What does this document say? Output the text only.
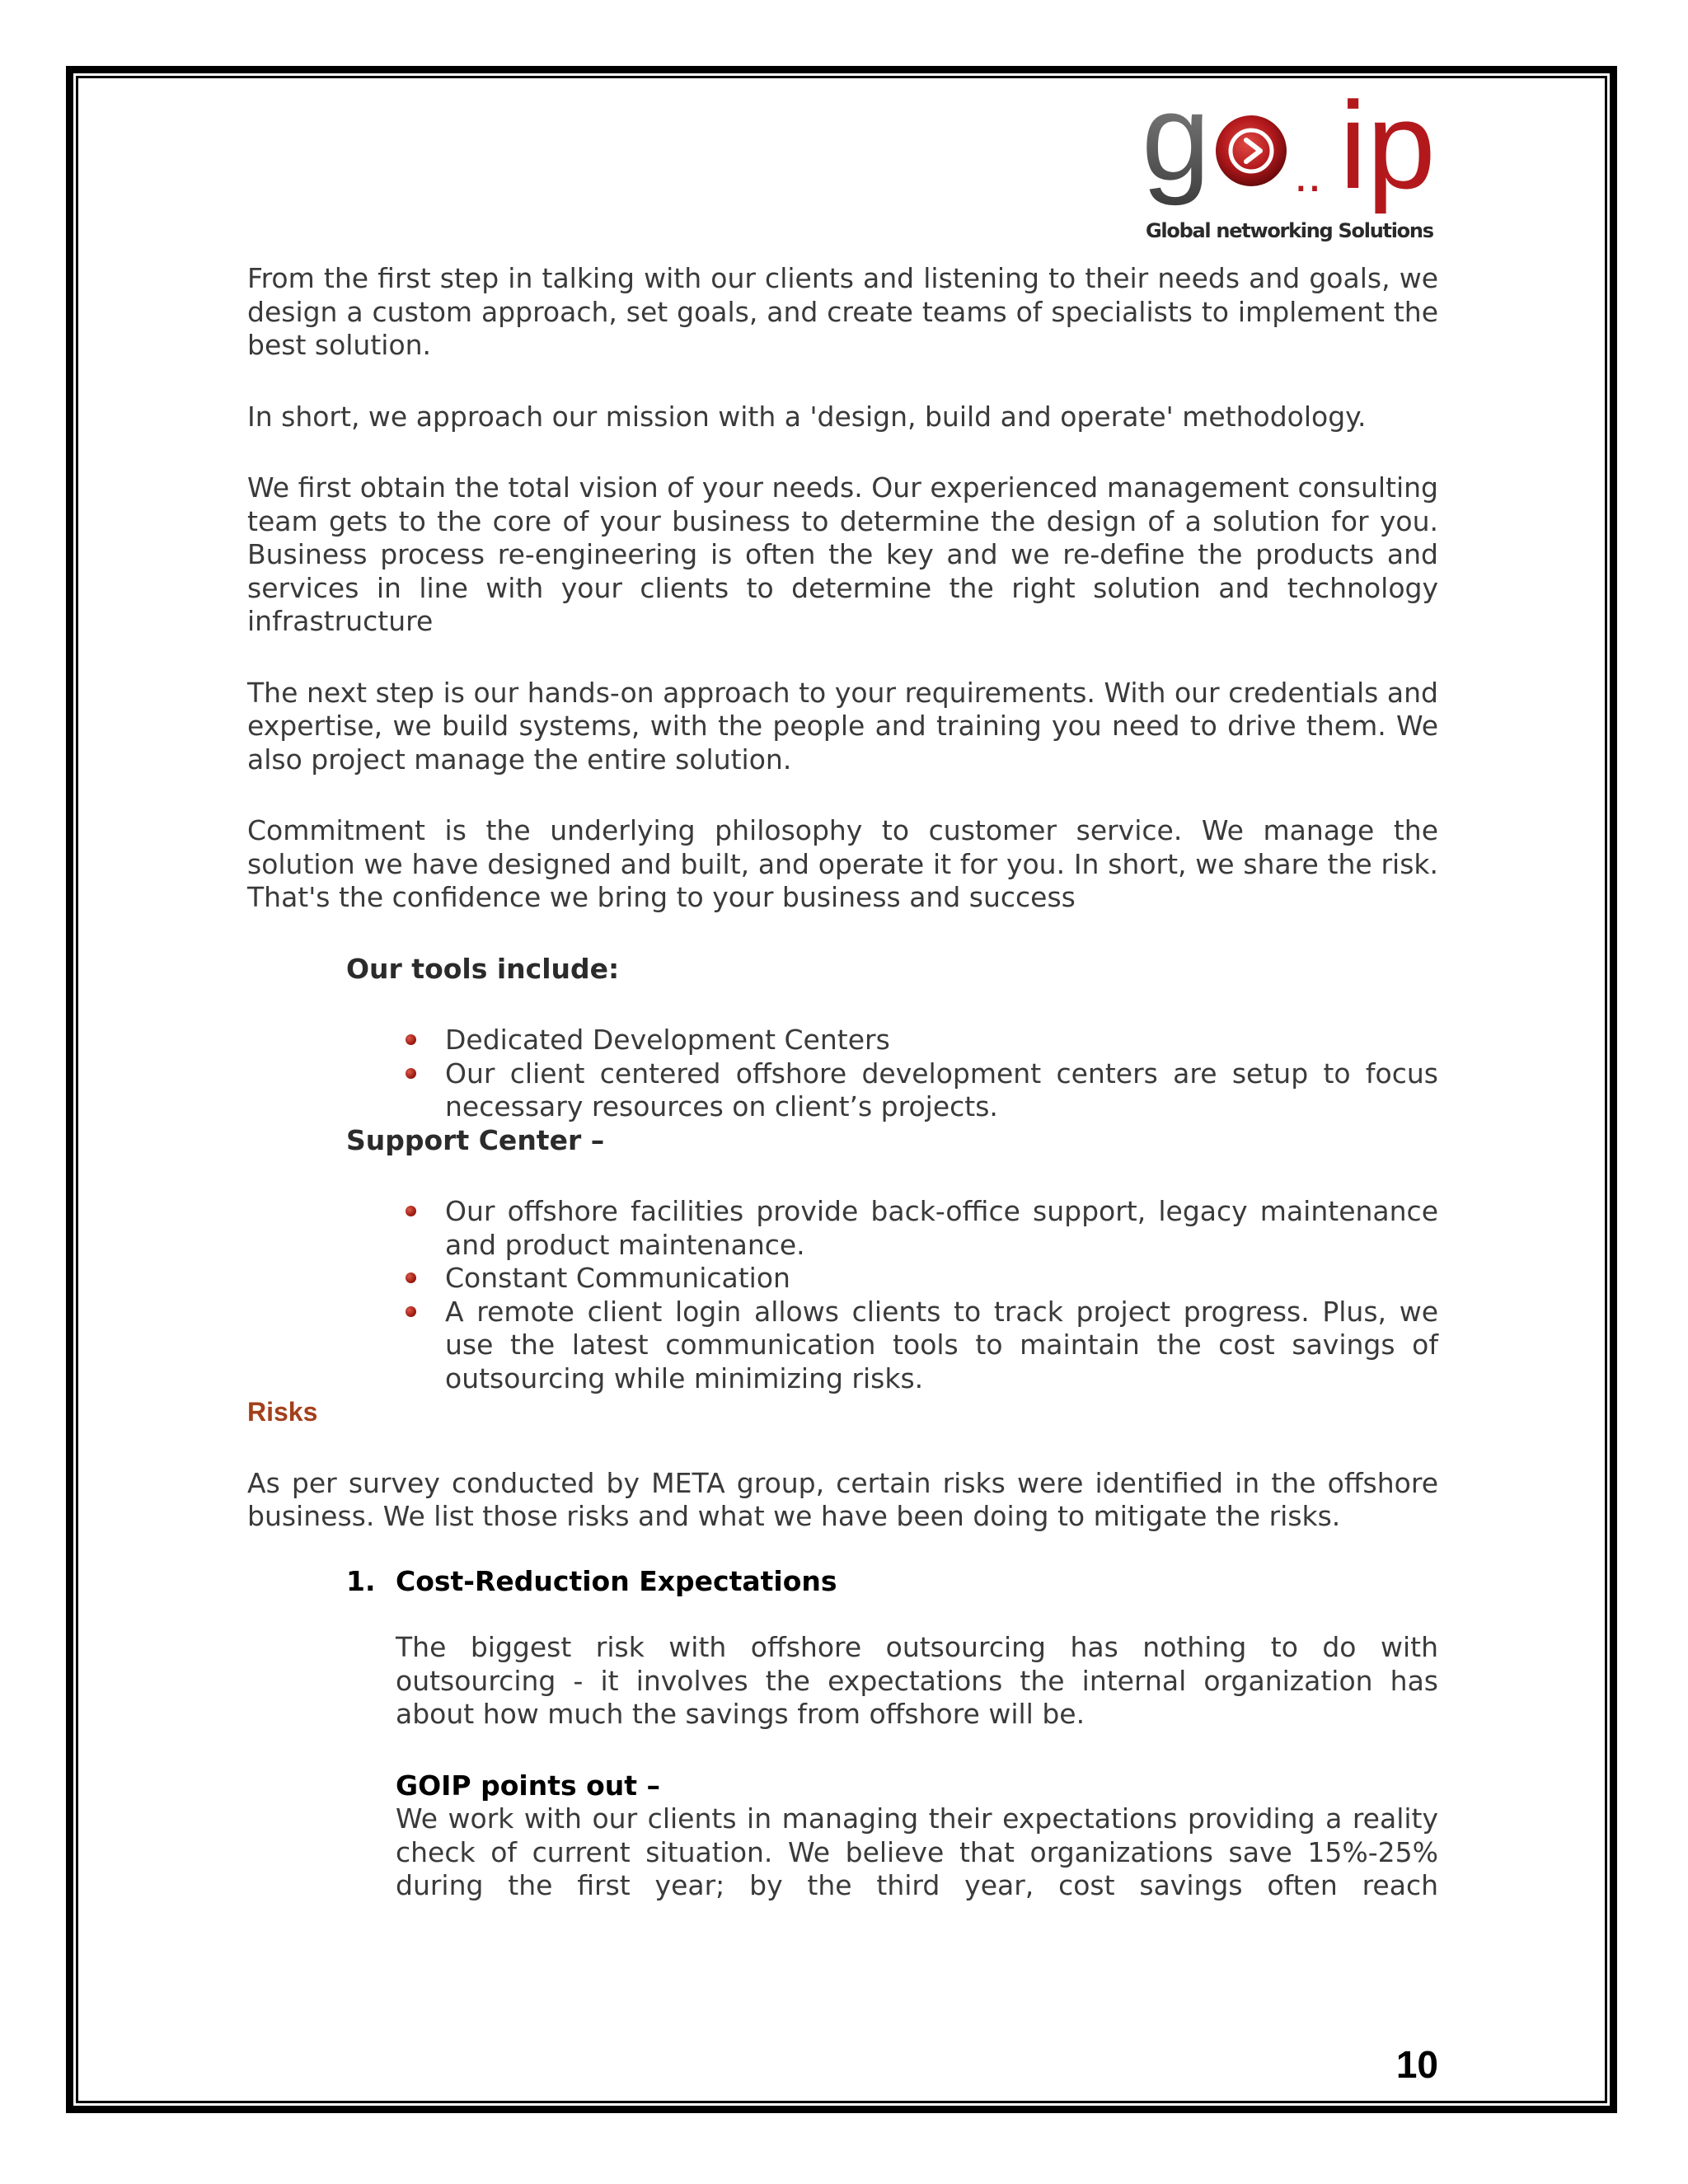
g .. ip
Global networking Solutions

From the first step in talking with our clients and listening to their needs and goals, we design a custom approach, set goals, and create teams of specialists to implement the best solution.

In short, we approach our mission with a 'design, build and operate' methodology.

We first obtain the total vision of your needs. Our experienced management consulting team gets to the core of your business to determine the design of a solution for you. Business process re-engineering is often the key and we re-define the products and services in line with your clients to determine the right solution and technology infrastructure

The next step is our hands-on approach to your requirements. With our credentials and expertise, we build systems, with the people and training you need to drive them. We also project manage the entire solution.

Commitment is the underlying philosophy to customer service. We manage the solution we have designed and built, and operate it for you. In short, we share the risk. That's the confidence we bring to your business and success

Our tools include:

Dedicated Development Centers
Our client centered offshore development centers are setup to focus necessary resources on client’s projects.

Support Center –

Our offshore facilities provide back-office support, legacy maintenance and product maintenance.
Constant Communication
A remote client login allows clients to track project progress. Plus, we use the latest communication tools to maintain the cost savings of outsourcing while minimizing risks.

Risks

As per survey conducted by META group, certain risks were identified in the offshore business. We list those risks and what we have been doing to mitigate the risks.

1. Cost-Reduction Expectations

The biggest risk with offshore outsourcing has nothing to do with outsourcing - it involves the expectations the internal organization has about how much the savings from offshore will be.

GOIP points out –

We work with our clients in managing their expectations providing a reality check of current situation. We believe that organizations save 15%-25% during the first year; by the third year, cost savings often reach

10
